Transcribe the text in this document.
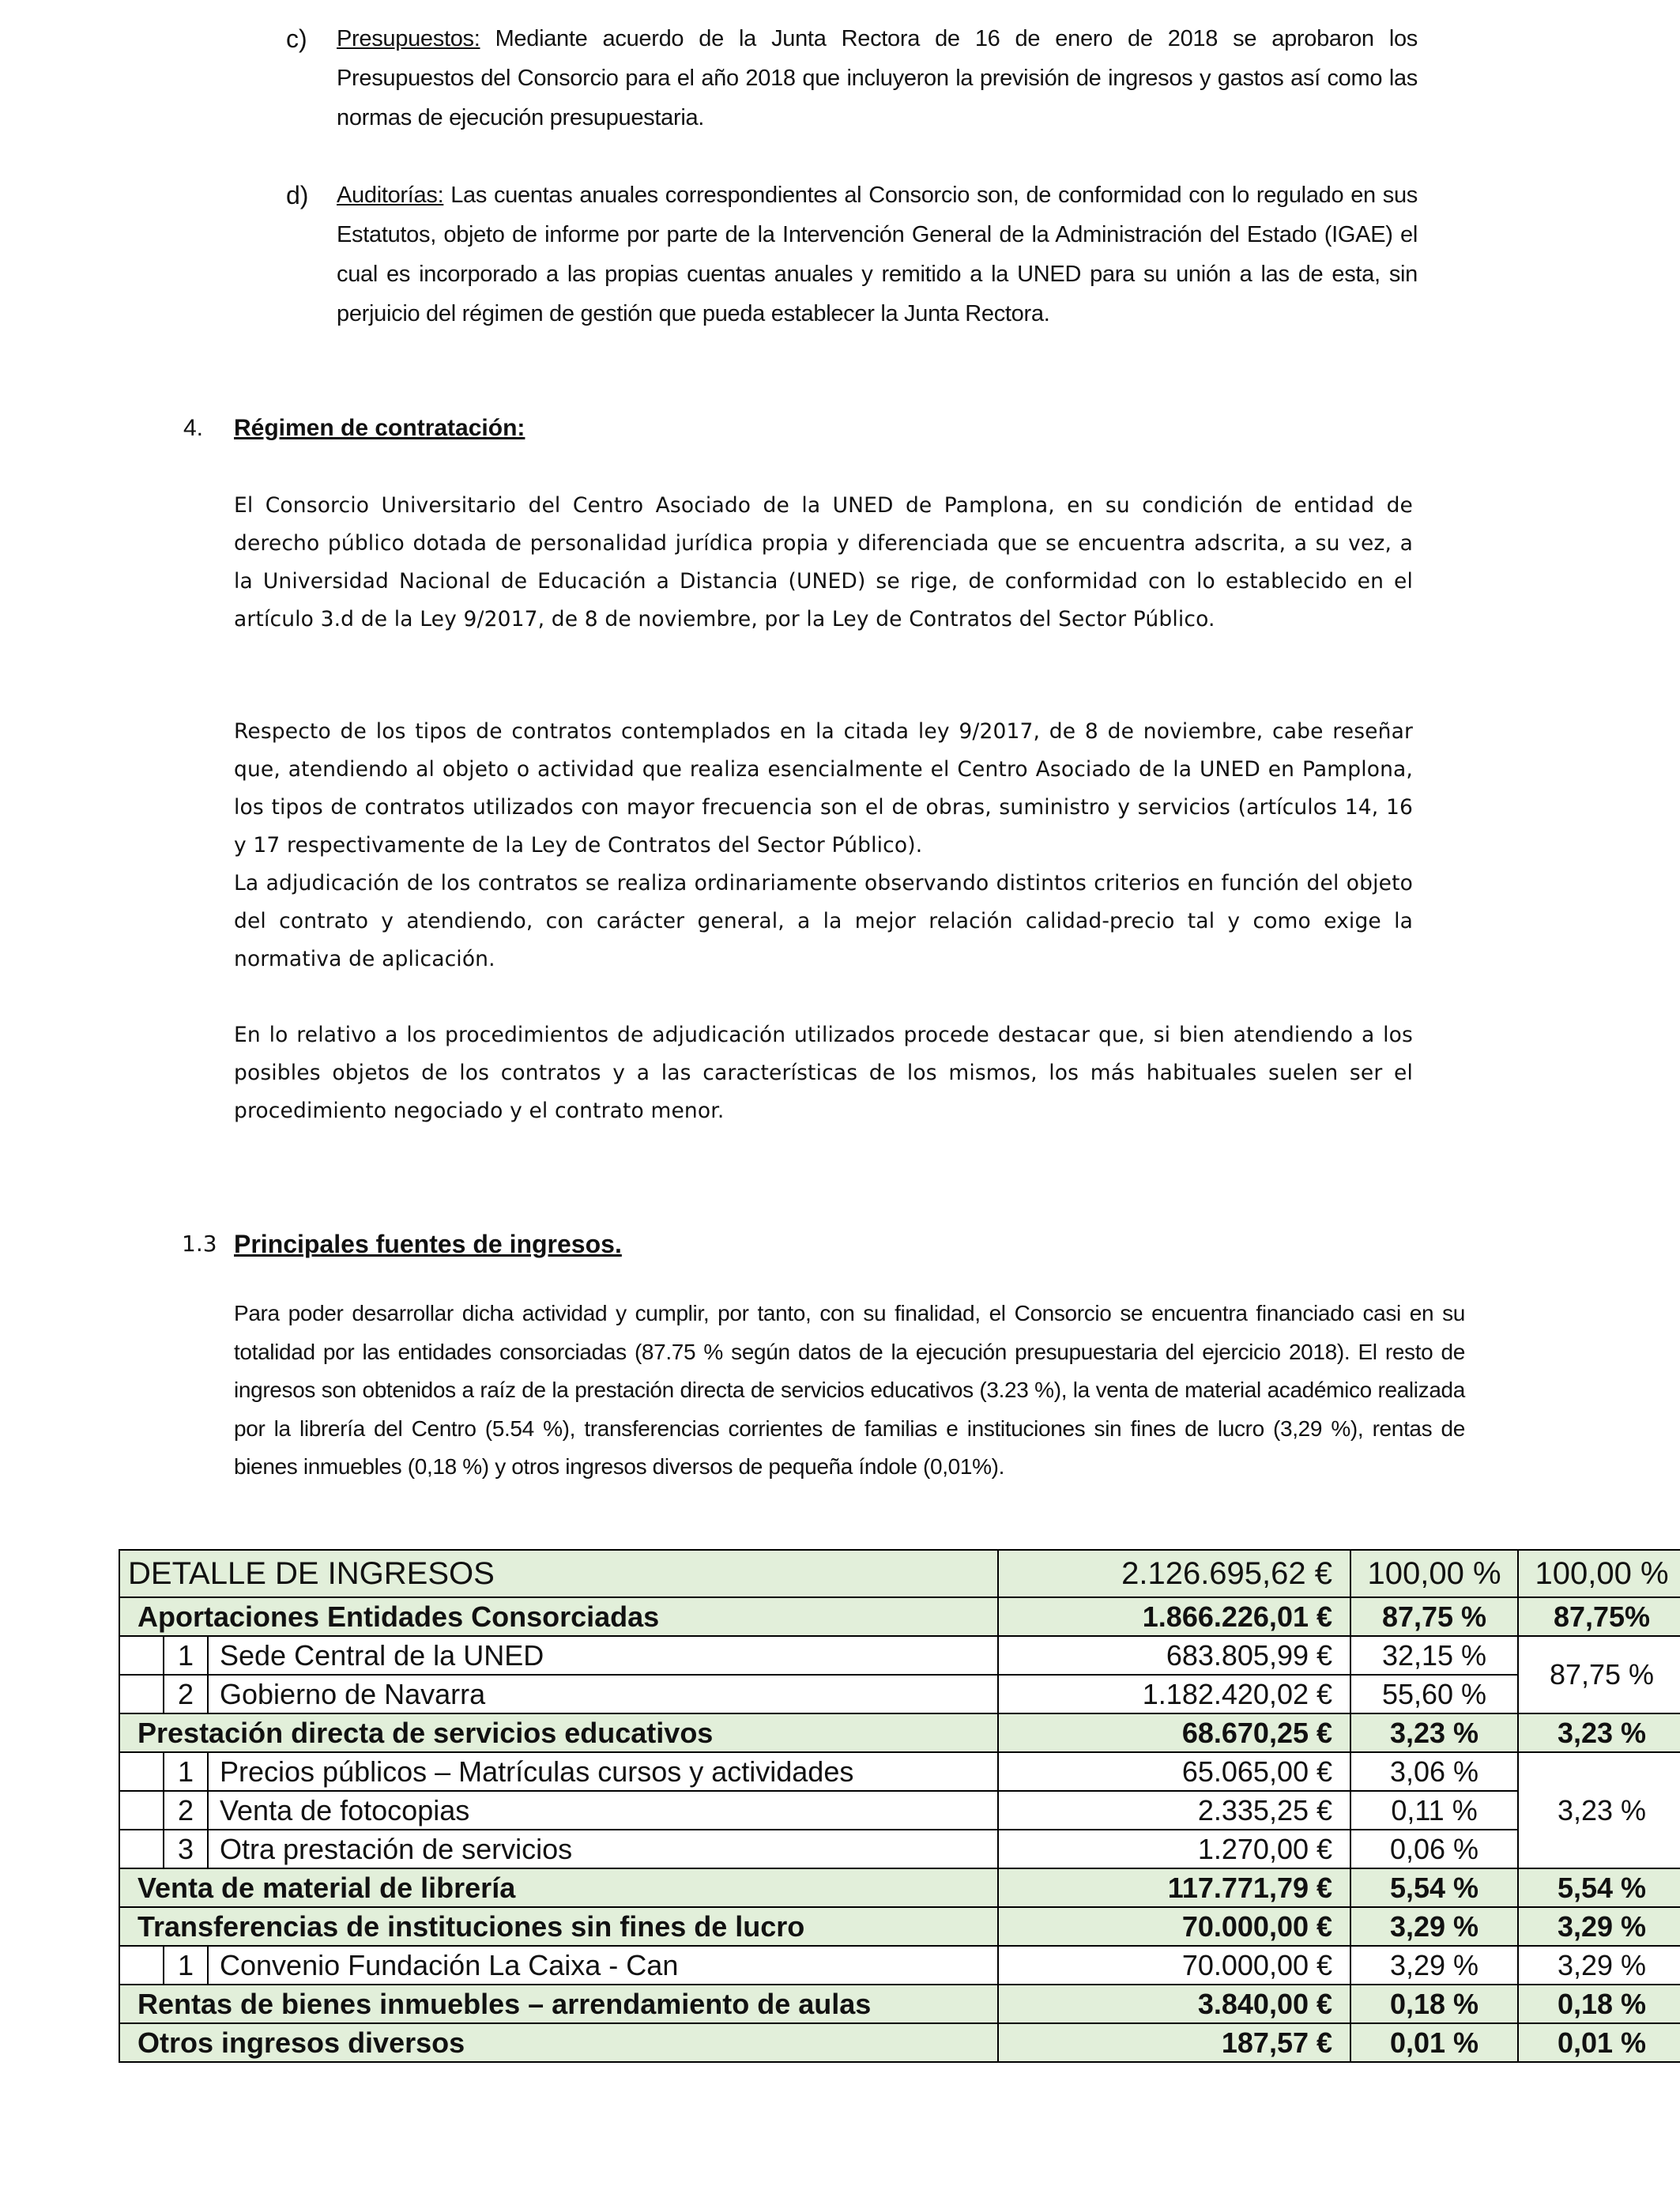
c) Presupuestos: Mediante acuerdo de la Junta Rectora de 16 de enero de 2018 se aprobaron los Presupuestos del Consorcio para el año 2018 que incluyeron la previsión de ingresos y gastos así como las normas de ejecución presupuestaria.
d) Auditorías: Las cuentas anuales correspondientes al Consorcio son, de conformidad con lo regulado en sus Estatutos, objeto de informe por parte de la Intervención General de la Administración del Estado (IGAE) el cual es incorporado a las propias cuentas anuales y remitido a la UNED para su unión a las de esta, sin perjuicio del régimen de gestión que pueda establecer la Junta Rectora.
4. Régimen de contratación:
El Consorcio Universitario del Centro Asociado de la UNED de Pamplona, en su condición de entidad de derecho público dotada de personalidad jurídica propia y diferenciada que se encuentra adscrita, a su vez, a la Universidad Nacional de Educación a Distancia (UNED) se rige, de conformidad con lo establecido en el artículo 3.d de la Ley 9/2017, de 8 de noviembre, por la Ley de Contratos del Sector Público.
Respecto de los tipos de contratos contemplados en la citada ley 9/2017, de 8 de noviembre, cabe reseñar que, atendiendo al objeto o actividad que realiza esencialmente el Centro Asociado de la UNED en Pamplona, los tipos de contratos utilizados con mayor frecuencia son el de obras, suministro y servicios (artículos 14, 16 y 17 respectivamente de la Ley de Contratos del Sector Público).
La adjudicación de los contratos se realiza ordinariamente observando distintos criterios en función del objeto del contrato y atendiendo, con carácter general, a la mejor relación calidad-precio tal y como exige la normativa de aplicación.
En lo relativo a los procedimientos de adjudicación utilizados procede destacar que, si bien atendiendo a los posibles objetos de los contratos y a las características de los mismos, los más habituales suelen ser el procedimiento negociado y el contrato menor.
1.3 Principales fuentes de ingresos.
Para poder desarrollar dicha actividad y cumplir, por tanto, con su finalidad, el Consorcio se encuentra financiado casi en su totalidad por las entidades consorciadas (87.75 % según datos de la ejecución presupuestaria del ejercicio 2018). El resto de ingresos son obtenidos a raíz de la prestación directa de servicios educativos (3.23 %), la venta de material académico realizada por la librería del Centro (5.54 %), transferencias corrientes de familias e instituciones sin fines de lucro (3,29 %), rentas de bienes inmuebles (0,18 %) y otros ingresos diversos de pequeña índole (0,01%).
DETALLE DE INGRESOS			2.126.695,62 €	100,00 %	100,00 %
Aportaciones Entidades Consorciadas			1.866.226,01 €	87,75 %	87,75%
	1	Sede Central de la UNED	683.805,99 €	32,15 %	87,75 %
	2	Gobierno de Navarra	1.182.420,02 €	55,60 %	
Prestación directa de servicios educativos			68.670,25 €	3,23 %	3,23 %
	1	Precios públicos – Matrículas cursos y actividades	65.065,00 €	3,06 %	3,23 %
	2	Venta de fotocopias	2.335,25 €	0,11 %	
	3	Otra prestación de servicios	1.270,00 €	0,06 %	
Venta de material de librería			117.771,79 €	5,54 %	5,54 %
Transferencias de instituciones sin fines de lucro			70.000,00 €	3,29 %	3,29 %
	1	Convenio Fundación La Caixa - Can	70.000,00 €	3,29 %	3,29 %
Rentas de bienes inmuebles – arrendamiento de aulas			3.840,00 €	0,18 %	0,18 %
Otros ingresos diversos			187,57 €	0,01 %	0,01 %
